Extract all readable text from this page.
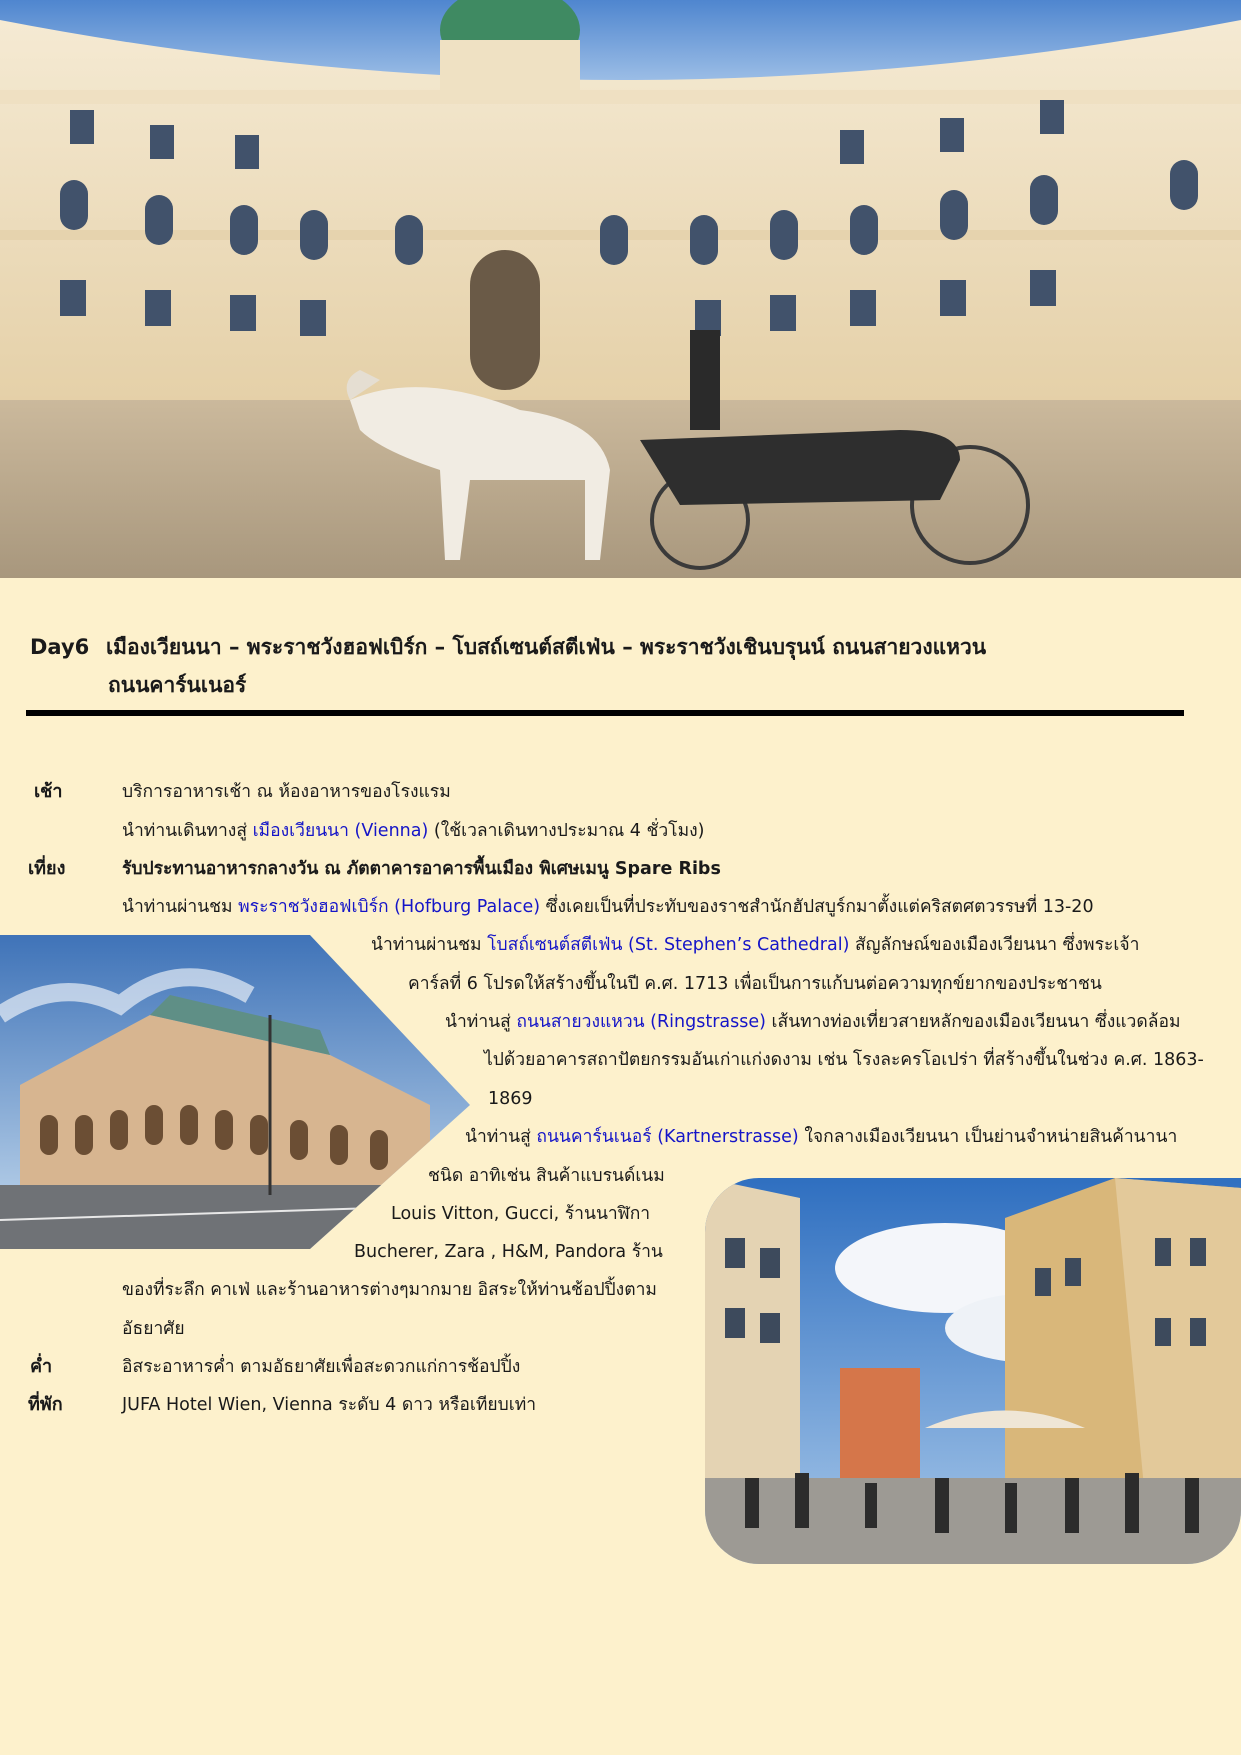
Day6 เมืองเวียนนา – พระราชวังฮอฟเบิร์ก – โบสถ์เซนต์สตีเฟ่น – พระราชวังเชินบรุนน์ ถนนสายวงแหวน
ถนนคาร์นเนอร์
เช้า	บริการอาหารเช้า ณ ห้องอาหารของโรงแรม
นำท่านเดินทางสู่ เมืองเวียนนา (Vienna) (ใช้เวลาเดินทางประมาณ 4 ชั่วโมง)
เที่ยง	รับประทานอาหารกลางวัน ณ ภัตตาคารอาคารพื้นเมือง พิเศษเมนู Spare Ribs
นำท่านผ่านชม พระราชวังฮอฟเบิร์ก (Hofburg Palace) ซึ่งเคยเป็นที่ประทับของราชสำนักฮัปสบูร์กมาตั้งแต่คริสตศตวรรษที่ 13-20
นำท่านผ่านชม โบสถ์เซนต์สตีเฟ่น (St. Stephen’s Cathedral) สัญลักษณ์ของเมืองเวียนนา ซึ่งพระเจ้า
คาร์ลที่ 6 โปรดให้สร้างขึ้นในปี ค.ศ. 1713 เพื่อเป็นการแก้บนต่อความทุกข์ยากของประชาชน
นำท่านสู่ ถนนสายวงแหวน (Ringstrasse) เส้นทางท่องเที่ยวสายหลักของเมืองเวียนนา ซึ่งแวดล้อม
ไปด้วยอาคารสถาปัตยกรรมอันเก่าแก่งดงาม เช่น โรงละครโอเปร่า ที่สร้างขึ้นในช่วง ค.ศ. 1863-
1869
นำท่านสู่ ถนนคาร์นเนอร์ (Kartnerstrasse) ใจกลางเมืองเวียนนา เป็นย่านจำหน่ายสินค้านานา
ชนิด อาทิเช่น สินค้าแบรนด์เนม
Louis Vitton, Gucci, ร้านนาฬิกา
Bucherer, Zara , H&M, Pandora ร้าน
ของที่ระลึก คาเฟ่ และร้านอาหารต่างๆมากมาย อิสระให้ท่านช้อปปิ้งตาม
อัธยาศัย
ค่ำ	อิสระอาหารค่ำ ตามอัธยาศัยเพื่อสะดวกแก่การช้อปปิ้ง
ที่พัก	JUFA Hotel Wien, Vienna ระดับ 4 ดาว หรือเทียบเท่า
